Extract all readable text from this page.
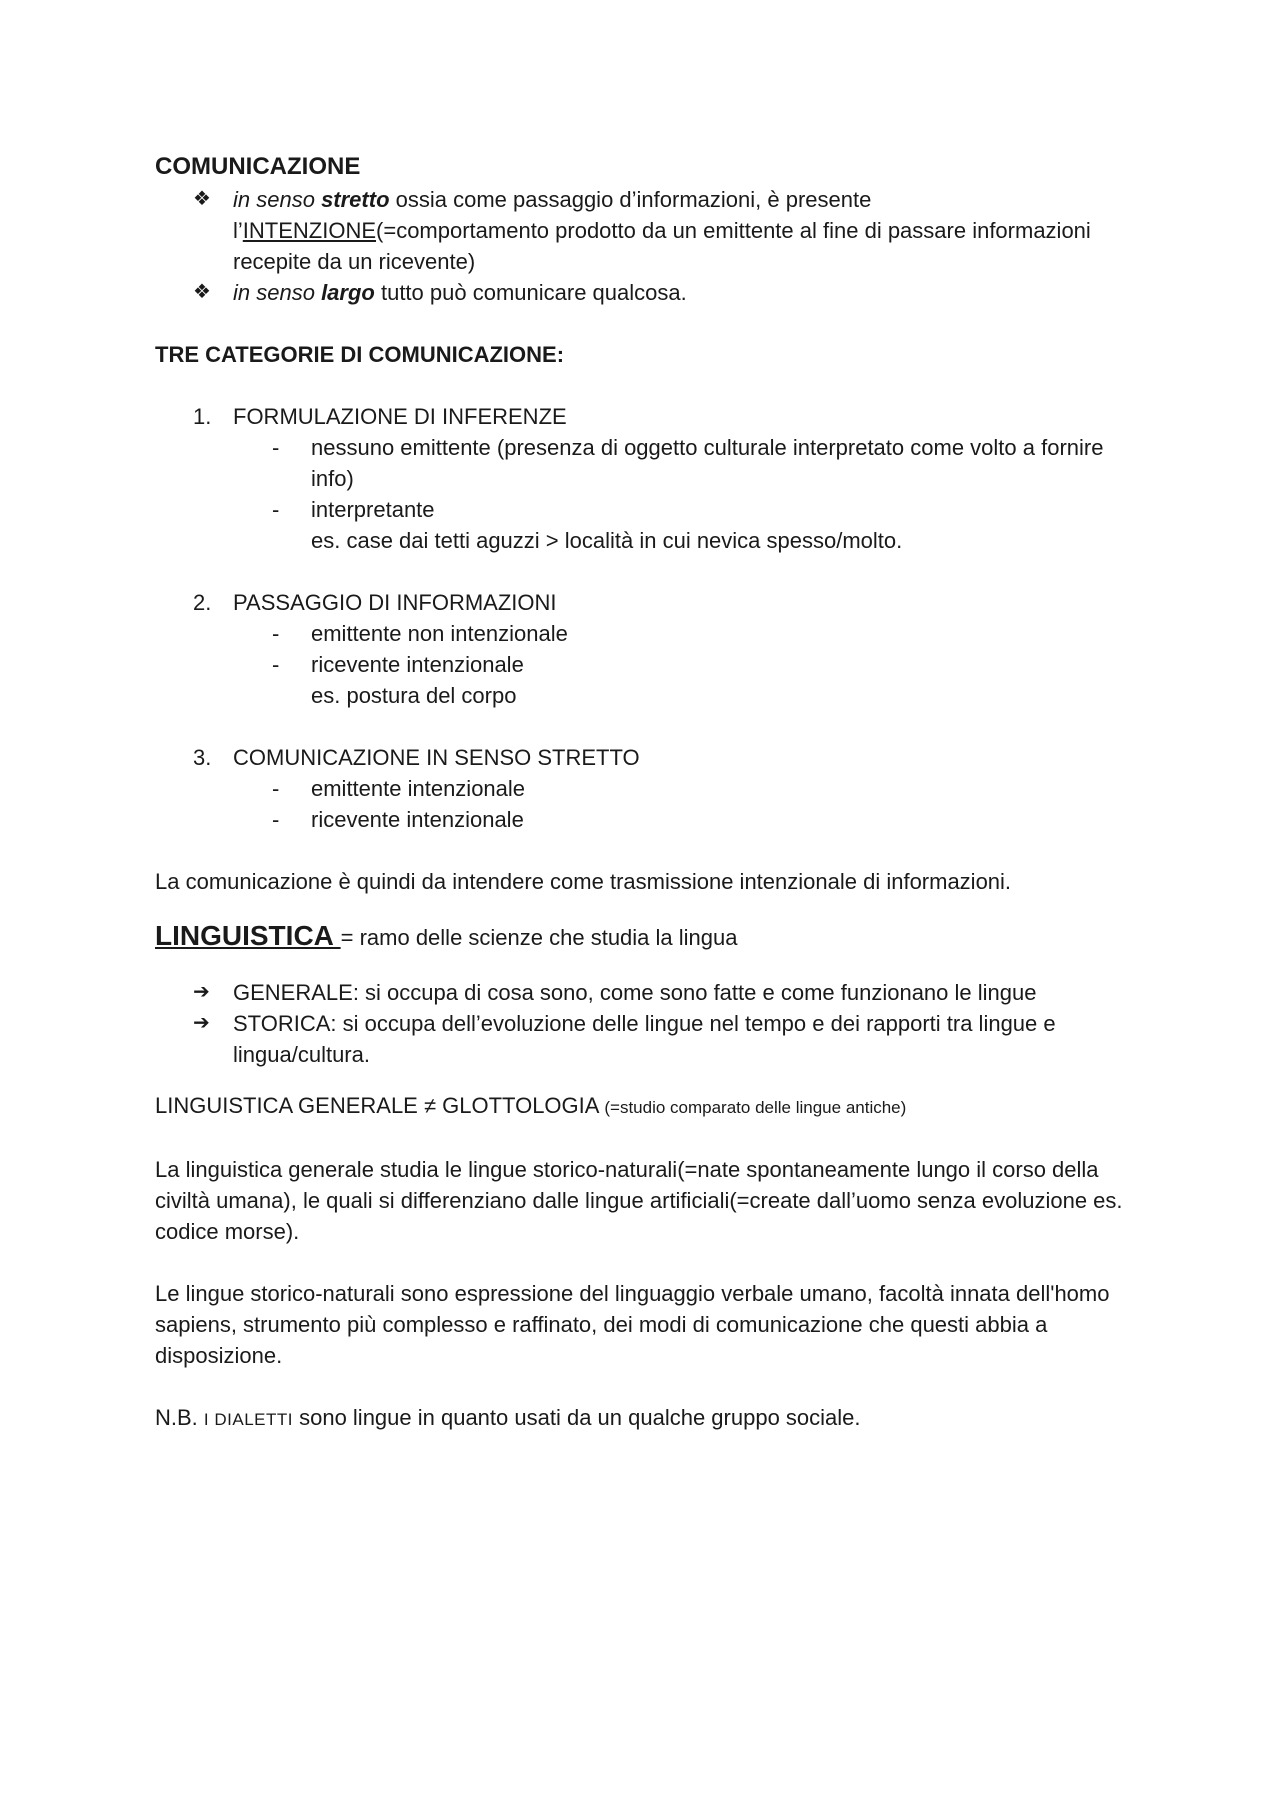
COMUNICAZIONE

❖ in senso stretto ossia come passaggio d’informazioni, è presente l’INTENZIONE(=comportamento prodotto da un emittente al fine di passare informazioni recepite da un ricevente)

❖ in senso largo tutto può comunicare qualcosa.

TRE CATEGORIE DI COMUNICAZIONE:

1. FORMULAZIONE DI INFERENZE

- nessuno emittente (presenza di oggetto culturale interpretato come volto a fornire info)

- interpretante

es. case dai tetti aguzzi > località in cui nevica spesso/molto.

2. PASSAGGIO DI INFORMAZIONI

- emittente non intenzionale

- ricevente intenzionale

es. postura del corpo

3. COMUNICAZIONE IN SENSO STRETTO

- emittente intenzionale

- ricevente intenzionale

La comunicazione è quindi da intendere come trasmissione intenzionale di informazioni.

LINGUISTICA = ramo delle scienze che studia la lingua

➔ GENERALE: si occupa di cosa sono, come sono fatte e come funzionano le lingue

➔ STORICA: si occupa dell’evoluzione delle lingue nel tempo e dei rapporti tra lingue e lingua/cultura.

LINGUISTICA GENERALE ≠ GLOTTOLOGIA (=studio comparato delle lingue antiche)

La linguistica generale studia le lingue storico-naturali(=nate spontaneamente lungo il corso della civiltà umana), le quali si differenziano dalle lingue artificiali(=create dall’uomo senza evoluzione es. codice morse).

Le lingue storico-naturali sono espressione del linguaggio verbale umano, facoltà innata dell'homo sapiens, strumento più complesso e raffinato, dei modi di comunicazione che questi abbia a disposizione.

N.B. I DIALETTI sono lingue in quanto usati da un qualche gruppo sociale.
